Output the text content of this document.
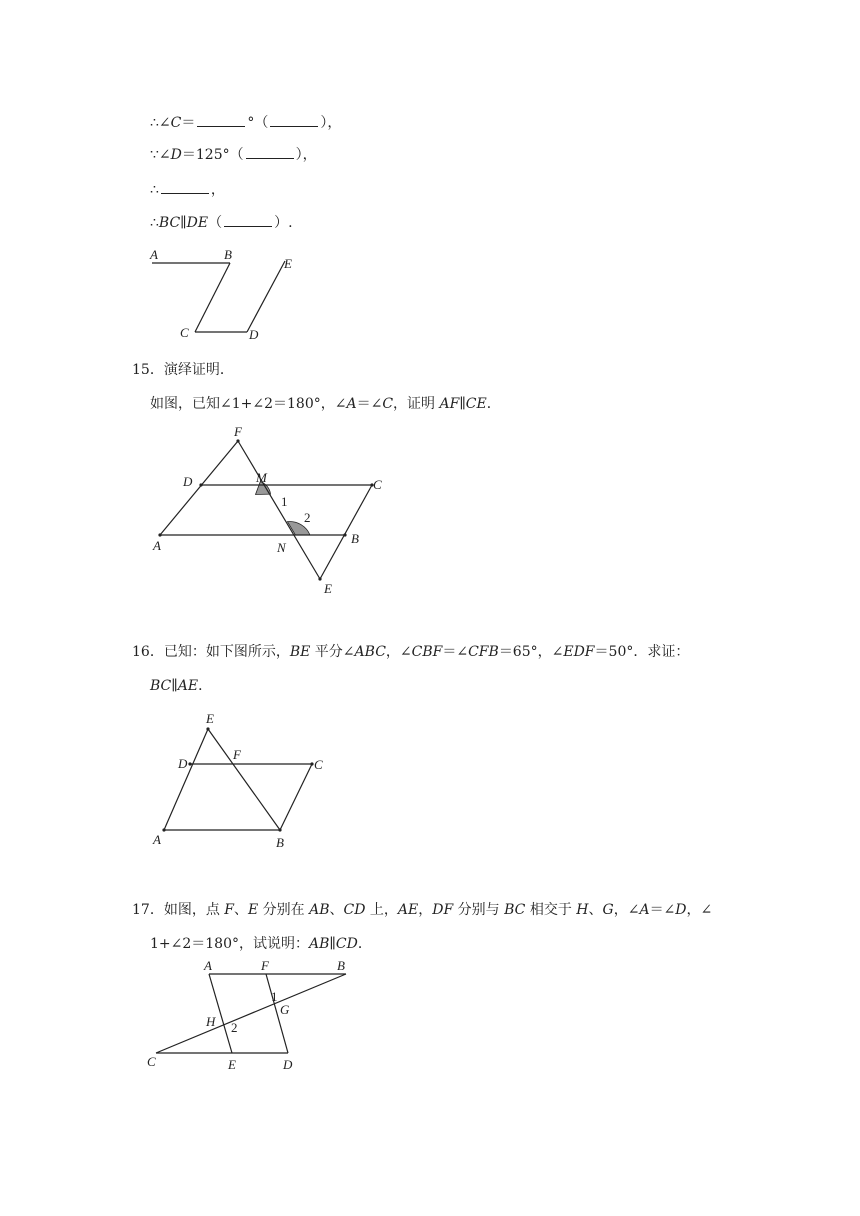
∴∠C＝	°（	），
∵∠D＝125°（	），
∴	，
∴BC∥DE（	）.
A	B
C	D
E
15．演绎证明．
如图，已知∠1+∠2＝180°，∠A＝∠C，证明 AF∥CE．
F
D	M	C
1
2
A	N
B
E
16．已知：如下图所示，BE 平分∠ABC，∠CBF＝∠CFB＝65°，∠EDF＝50°．求证：
BC∥AE．
E
D
F
C
A	B
17．如图，点 F、E 分别在 AB、CD 上，AE，DF 分别与 BC 相交于 H、G，∠A＝∠D，∠
1+∠2＝180°，试说明：AB∥CD．
A	F	B
1
G
H 2
C	E	D
